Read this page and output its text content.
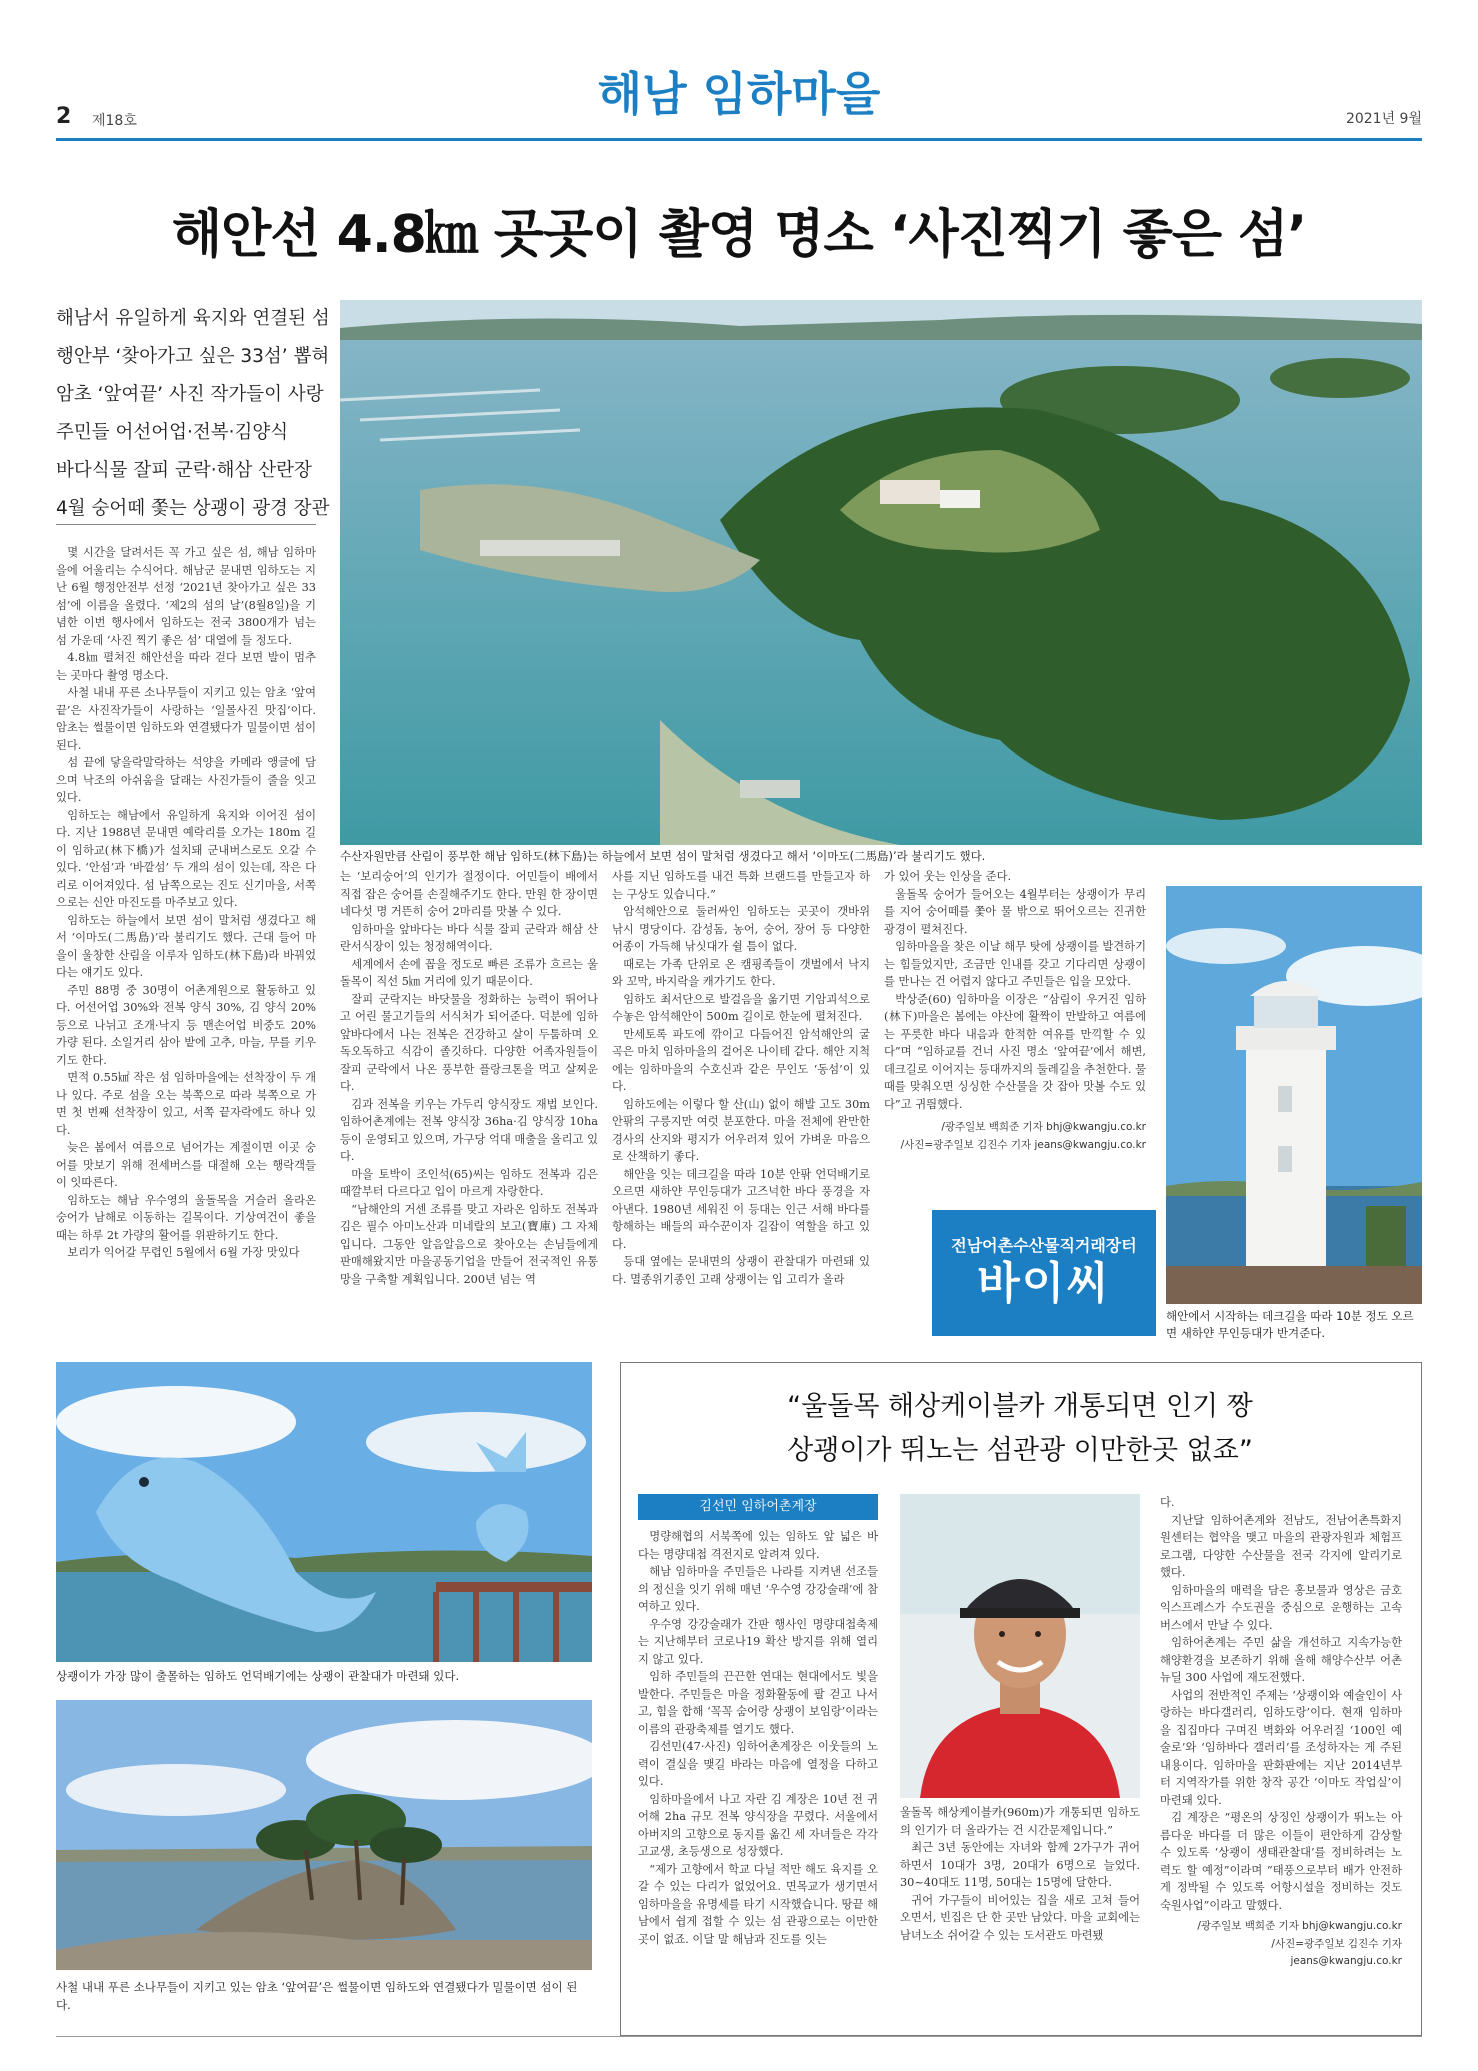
2 제18호	해남 임하마을	2021년 9월
해안선 4.8㎞ 곳곳이 촬영 명소 ‘사진찍기 좋은 섬’
해남서 유일하게 육지와 연결된 섬
행안부 ‘찾아가고 싶은 33섬’ 뽑혀
암초 ‘앞여끝’ 사진 작가들이 사랑
주민들 어선어업·전복·김양식
바다식물 잘피 군락·해삼 산란장
4월 숭어떼 쫓는 상괭이 광경 장관
수산자원만큼 산림이 풍부한 해남 임하도(林下島)는 하늘에서 보면 섬이 말처럼 생겼다고 해서 ‘이마도(二馬島)’라 불리기도 했다.

몇 시간을 달려서든 꼭 가고 싶은 섬, 해남 임하마을에 어울리는 수식어다. 해남군 문내면 임하도는 지난 6월 행정안전부 선정 ‘2021년 찾아가고 싶은 33섬’에 이름을 올렸다. ‘제2의 섬의 날’(8월8일)을 기념한 이번 행사에서 임하도는 전국 3800개가 넘는 섬 가운데 ‘사진 찍기 좋은 섬’ 대열에 들 정도다.

4.8㎞ 펼쳐진 해안선을 따라 걷다 보면 발이 멈추는 곳마다 촬영 명소다.

사철 내내 푸른 소나무들이 지키고 있는 암초 ‘앞여끝’은 사진작가들이 사랑하는 ‘일몰사진 맛집’이다. 암초는 썰물이면 임하도와 연결됐다가 밀물이면 섬이 된다.

섬 끝에 닿을락말락하는 석양을 카메라 앵글에 담으며 낙조의 아쉬움을 달래는 사진가들이 줄을 잇고 있다.

임하도는 해남에서 유일하게 육지와 이어진 섬이다. 지난 1988년 문내면 예락리를 오가는 180m 길이 임하교(林下橋)가 설치돼 군내버스로도 오갈 수 있다. ‘안섬’과 ‘바깥섬’ 두 개의 섬이 있는데, 작은 다리로 이어져있다. 섬 남쪽으로는 진도 신기마을, 서쪽으로는 신안 마진도를 마주보고 있다.

임하도는 하늘에서 보면 섬이 말처럼 생겼다고 해서 ‘이마도(二馬島)’라 불리기도 했다. 근대 들어 마을이 울창한 산림을 이루자 임하도(林下島)라 바꿔었다는 얘기도 있다.

주민 88명 중 30명이 어촌계원으로 활동하고 있다. 어선어업 30%와 전복 양식 30%, 김 양식 20% 등으로 나뉘고 조개·낙지 등 맨손어업 비중도 20% 가량 된다. 소일거리 삼아 밭에 고추, 마늘, 무를 키우기도 한다.

면적 0.55㎢ 작은 섬 임하마을에는 선착장이 두 개나 있다. 주로 섬을 오는 북쪽으로 따라 북쪽으로 가면 첫 번째 선착장이 있고, 서쪽 끝자락에도 하나 있다.

늦은 봄에서 여름으로 넘어가는 계절이면 이곳 숭어를 맛보기 위해 전세버스를 대절해 오는 행락객들이 잇따른다.

임하도는 해남 우수영의 울돌목을 거슬러 올라온 숭어가 남해로 이동하는 길목이다. 기상여건이 좋을 때는 하루 2t 가량의 활어를 위판하기도 한다.

보리가 익어갈 무렵인 5월에서 6월 가장 맛있다

는 ‘보리숭어’의 인기가 절정이다. 어민들이 배에서 직접 잡은 숭어를 손질해주기도 한다. 만원 한 장이면 네다섯 명 거뜬히 숭어 2마리를 맛볼 수 있다.

임하마을 앞바다는 바다 식물 잘피 군락과 해삼 산란서식장이 있는 청정해역이다.

세계에서 손에 꼽을 정도로 빠른 조류가 흐르는 울돌목이 직선 5㎞ 거리에 있기 때문이다.

잘피 군락지는 바닷물을 정화하는 능력이 뛰어나고 어린 물고기들의 서식처가 되어준다. 덕분에 임하 앞바다에서 나는 전복은 건강하고 살이 두툼하며 오독오독하고 식감이 졸깃하다. 다양한 어족자원들이 잘피 군락에서 나온 풍부한 플랑크톤을 먹고 살찌운다.

김과 전복을 키우는 가두리 양식장도 재법 보인다. 임하어촌계에는 전복 양식장 36ha·김 양식장 10ha 등이 운영되고 있으며, 가구당 억대 매출을 올리고 있다.

마을 토박이 조인석(65)씨는 임하도 전복과 김은 때깔부터 다르다고 입이 마르게 자랑한다.

“남해안의 거센 조류를 맞고 자라온 임하도 전복과 김은 필수 아미노산과 미네랄의 보고(寶庫) 그 자체입니다. 그동안 알음알음으로 찾아오는 손님들에게 판매해왔지만 마을공동기업을 만들어 전국적인 유통망을 구축할 계획입니다. 200년 넘는 역

사를 지닌 임하도를 내건 특화 브랜드를 만들고자 하는 구상도 있습니다.”

암석해안으로 둘러싸인 임하도는 곳곳이 갯바위 낚시 명당이다. 감성돔, 농어, 숭어, 장어 등 다양한 어종이 가득해 낚싯대가 쉴 틈이 없다.

때로는 가족 단위로 온 캠핑족들이 갯벌에서 낙지와 꼬막, 바지락을 캐가기도 한다.

임하도 최서단으로 발걸음을 옮기면 기암괴석으로 수놓은 암석해안이 500m 길이로 한눈에 펼쳐진다.

만세토록 파도에 깎이고 다듬어진 암석해안의 굴곡은 마치 임하마을의 걸어온 나이테 같다. 해안 지척에는 임하마을의 수호신과 같은 무인도 ‘동섬’이 있다.

임하도에는 이렇다 할 산(山) 없이 해발 고도 30m 안팎의 구릉지만 여럿 분포한다. 마을 전체에 완만한 경사의 산지와 평지가 어우러져 있어 가벼운 마음으로 산책하기 좋다.

해안을 잇는 데크길을 따라 10분 안팎 언덕배기로 오르면 새하얀 무인등대가 고즈넉한 바다 풍경을 자아낸다. 1980년 세워진 이 등대는 인근 서해 바다를 항해하는 배들의 파수꾼이자 길잡이 역할을 하고 있다.

등대 옆에는 문내면의 상괭이 관찰대가 마련돼 있다. 멸종위기종인 고래 상괭이는 입 고리가 올라

가 있어 웃는 인상을 준다.

울돌목 숭어가 들어오는 4월부터는 상괭이가 무리를 지어 숭어떼를 쫓아 물 밖으로 뛰어오르는 진귀한 광경이 펼쳐진다.

임하마을을 찾은 이날 해무 탓에 상괭이를 발견하기는 힘들었지만, 조금만 인내를 갖고 기다리면 상괭이를 만나는 건 어렵지 않다고 주민들은 입을 모았다.

박상준(60) 임하마을 이장은 “삼림이 우거진 임하(林下)마을은 봄에는 야산에 활짝이 만발하고 여름에는 푸릇한 바다 내음과 한적한 여유를 만끽할 수 있다”며 “임하교를 건너 사진 명소 ‘앞여끝’에서 해변, 데크길로 이어지는 등대까지의 둘레길을 추천한다. 물때를 맞춰오면 싱싱한 수산물을 갓 잡아 맛볼 수도 있다”고 귀띔했다.

/광주일보 백희준 기자 bhj@kwangju.co.kr

/사진=광주일보 김진수 기자 jeans@kwangju.co.kr

전남어촌수산물직거래장터
바이씨
해안에서 시작하는 데크길을 따라 10분 정도 오르면 새하얀 무인등대가 반겨준다.
상괭이가 가장 많이 출몰하는 임하도 언덕배기에는 상괭이 관찰대가 마련돼 있다.
사철 내내 푸른 소나무들이 지키고 있는 암초 ‘앞여끝’은 썰물이면 임하도와 연결됐다가 밀물이면 섬이 된다.
“울돌목 해상케이블카 개통되면 인기 짱
상괭이가 뛰노는 섬관광 이만한곳 없죠”
김선민 임하어촌계장

명량해협의 서북쪽에 있는 임하도 앞 넓은 바다는 명량대첩 격전지로 알려져 있다.

해남 임하마을 주민들은 나라를 지켜낸 선조들의 정신을 잇기 위해 매년 ‘우수영 강강술래’에 참여하고 있다.

우수영 강강술래가 간판 행사인 명량대첩축제는 지난해부터 코로나19 확산 방지를 위해 열리지 않고 있다.

임하 주민들의 끈끈한 연대는 현대에서도 빛을 발한다. 주민들은 마을 정화활동에 팔 걷고 나서고, 힘을 합해 ‘꼭꼭 숨어랑 상괭이 보임랑’이라는 이름의 관광축제를 열기도 했다.

김선민(47·사진) 임하어촌계장은 이웃들의 노력이 결실을 맺길 바라는 마음에 열정을 다하고 있다.

임하마을에서 나고 자란 김 계장은 10년 전 귀어해 2ha 규모 전복 양식장을 꾸렸다. 서울에서 아버지의 고향으로 동지를 옮긴 세 자녀들은 각각 고교생, 초등생으로 성장했다.

“제가 고향에서 학교 다닐 적만 해도 육지를 오갈 수 있는 다리가 없었어요. 면목교가 생기면서 임하마을을 유명세를 타기 시작했습니다. 땅끝 해남에서 쉽게 접할 수 있는 섬 관광으로는 이만한 곳이 없죠. 이달 말 해남과 진도를 잇는

울돌목 해상케이블카(960m)가 개통되면 임하도의 인기가 더 올라가는 건 시간문제입니다.”

최근 3년 동안에는 자녀와 함께 2가구가 귀어하면서 10대가 3명, 20대가 6명으로 늘었다. 30~40대도 11명, 50대는 15명에 달한다.

귀어 가구들이 비어있는 집을 새로 고쳐 들어오면서, 빈집은 단 한 곳만 남았다. 마을 교회에는 남녀노소 쉬어갈 수 있는 도서관도 마련됐

다.

지난달 임하어촌계와 전남도, 전남어촌특화지원센터는 협약을 맺고 마을의 관광자원과 체험프로그램, 다양한 수산물을 전국 각지에 알리기로 했다.

임하마을의 매력을 담은 홍보물과 영상은 금호익스프레스가 수도권을 중심으로 운행하는 고속버스에서 만날 수 있다.

임하어촌계는 주민 삶을 개선하고 지속가능한 해양환경을 보존하기 위해 올해 해양수산부 어촌뉴딜 300 사업에 재도전했다.

사업의 전반적인 주제는 ‘상괭이와 예술인이 사랑하는 바다갤러리, 임하도랑’이다. 현재 임하마을 집집마다 구며진 벽화와 어우러질 ‘100인 예술로’와 ‘임하바다 갤러리’를 조성하자는 게 주된 내용이다. 임하마을 판화판에는 지난 2014년부터 지역작가를 위한 창작 공간 ‘이마도 작업실’이 마련돼 있다.

김 계장은 “평온의 상징인 상괭이가 뛰노는 아름다운 바다를 더 많은 이들이 편안하게 감상할 수 있도록 ‘상괭이 생태관찰대’를 정비하려는 노력도 할 예정”이라며 “태풍으로부터 배가 안전하게 정박될 수 있도록 어항시설을 정비하는 것도 숙원사업”이라고 말했다.

/광주일보 백희준 기자 bhj@kwangju.co.kr

/사진=광주일보 김진수 기자 jeans@kwangju.co.kr
